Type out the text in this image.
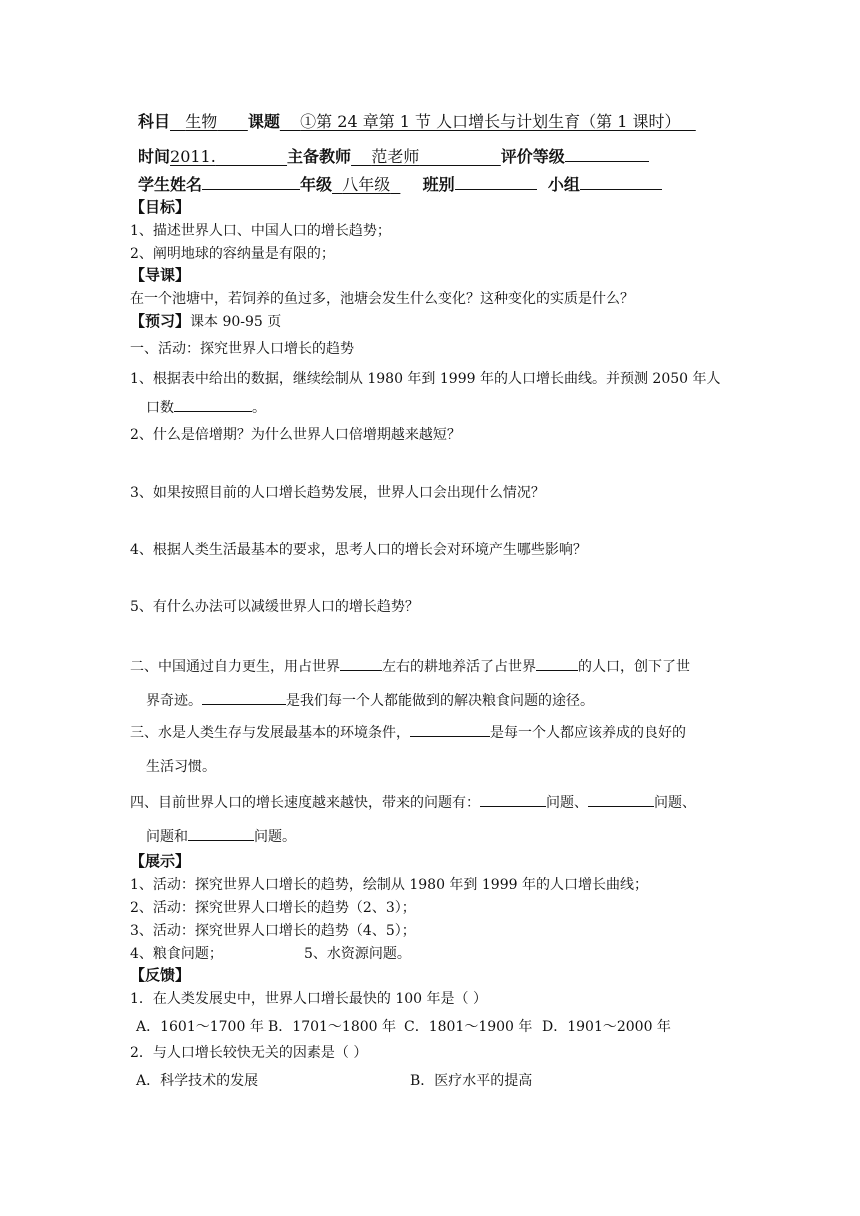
科目 生物 课题 ①第 24 章第 1 节 人口增长与计划生育（第 1 课时）
时间2011.	主备教师 范老师	评价等级
学生姓名	年级 八年级 班别	小组
【目标】
1、描述世界人口、中国人口的增长趋势；
2、阐明地球的容纳量是有限的；
【导课】
在一个池塘中，若饲养的鱼过多，池塘会发生什么变化？这种变化的实质是什么？
【预习】课本 90-95 页
一、活动：探究世界人口增长的趋势
1、根据表中给出的数据，继续绘制从 1980 年到 1999 年的人口增长曲线。并预测 2050 年人
口数	。
2、什么是倍增期？为什么世界人口倍增期越来越短？
3、如果按照目前的人口增长趋势发展，世界人口会出现什么情况？
4、根据人类生活最基本的要求，思考人口的增长会对环境产生哪些影响？
5、有什么办法可以减缓世界人口的增长趋势？
二、中国通过自力更生，用占世界	左右的耕地养活了占世界	的人口，创下了世
界奇迹。	是我们每一个人都能做到的解决粮食问题的途径。
三、水是人类生存与发展最基本的环境条件，	是每一个人都应该养成的良好的
生活习惯。
四、目前世界人口的增长速度越来越快，带来的问题有：	问题、	问题、
问题和	问题。
【展示】
1、活动：探究世界人口增长的趋势，绘制从 1980 年到 1999 年的人口增长曲线；
2、活动：探究世界人口增长的趋势（2、3）；
3、活动：探究世界人口增长的趋势（4、5）；
4、粮食问题；	5、水资源问题。
【反馈】
1．在人类发展史中，世界人口增长最快的 100 年是（ ）
A．1601～1700 年 B．1701～1800 年 C．1801～1900 年 D．1901～2000 年
2．与人口增长较快无关的因素是（ ）
A．科学技术的发展	B．医疗水平的提高
